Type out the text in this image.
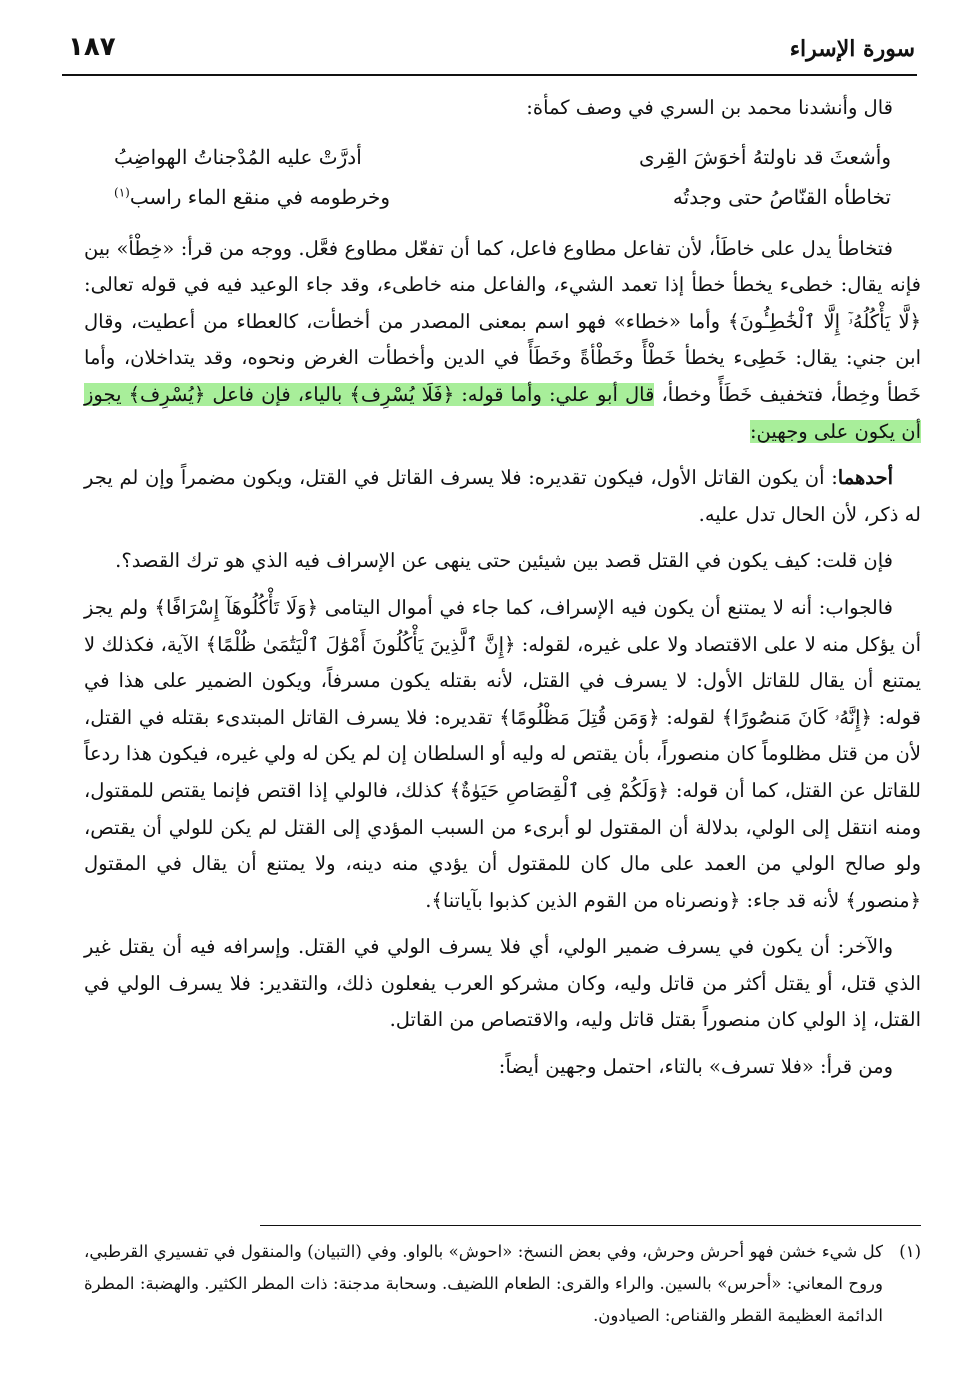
١٨٧	سورة الإسراء

قال وأنشدنا محمد بن السري في وصف كمأة:

وأشعثَ قد ناولتهُ أخوَشَ القِرى
أدرَّتْ عليه المُدْجناتُ الهواضِبُ
تخاطأه القنّاصُ حتى وجدتُه
وخرطومه في منقع الماء راسب$^{(١)}$

فتخاطأ يدل على خاطَأ، لأن تفاعل مطاوع فاعل، كما أن تفعّل مطاوع فعَّل. ووجه من قرأ: «خِطْأ» بين فإنه يقال: خطىء يخطأ خطأ إذا تعمد الشيء، والفاعل منه خاطىء، وقد جاء الوعيد فيه في قوله تعالى: ﴿لَّا يَأْكُلُهُۥٓ إِلَّا ٱلْخَٰطِـُٔونَ﴾ وأما «خطاء» فهو اسم بمعنى المصدر من أخطأت، كالعطاء من أعطيت، وقال ابن جني: يقال: خَطِىء يخطأ خَطْأً وخَطْأةً وخَطَأً في الدين وأخطأت الغرض ونحوه، وقد يتداخلان، وأما خَطأ وخِطأ، فتخفيف خَطَأً وخطأ، قال أبو علي: وأما قوله: ﴿فَلَا يُسْرِف﴾ بالياء، فإن فاعل ﴿يُسْرِف﴾ يجوز أن يكون على وجهين:

أحدهما: أن يكون القاتل الأول، فيكون تقديره: فلا يسرف القاتل في القتل، ويكون مضمراً وإن لم يجر له ذكر، لأن الحال تدل عليه.

فإن قلت: كيف يكون في القتل قصد بين شيئين حتى ينهى عن الإسراف فيه الذي هو ترك القصد؟.

فالجواب: أنه لا يمتنع أن يكون فيه الإسراف، كما جاء في أموال اليتامى ﴿وَلَا تَأْكُلُوهَآ إِسْرَافًا﴾ ولم يجز أن يؤكل منه لا على الاقتصاد ولا على غيره، لقوله: ﴿إِنَّ ٱلَّذِينَ يَأْكُلُونَ أَمْوَٰلَ ٱلْيَتَٰمَىٰ ظُلْمًا﴾ الآية، فكذلك لا يمتنع أن يقال للقاتل الأول: لا يسرف في القتل، لأنه بقتله يكون مسرفاً، ويكون الضمير على هذا في قوله: ﴿إِنَّهُۥ كَانَ مَنصُورًا﴾ لقوله: ﴿وَمَن قُتِلَ مَظْلُومًا﴾ تقديره: فلا يسرف القاتل المبتدىء بقتله في القتل، لأن من قتل مظلوماً كان منصوراً، بأن يقتص له وليه أو السلطان إن لم يكن له ولي غيره، فيكون هذا ردعاً للقاتل عن القتل، كما أن قوله: ﴿وَلَكُمْ فِى ٱلْقِصَاصِ حَيَوٰةٌ﴾ كذلك، فالولي إذا اقتص فإنما يقتص للمقتول، ومنه انتقل إلى الولي، بدلالة أن المقتول لو أبرىء من السبب المؤدي إلى القتل لم يكن للولي أن يقتص، ولو صالح الولي من العمد على مال كان للمقتول أن يؤدي منه دينه، ولا يمتنع أن يقال في المقتول ﴿منصور﴾ لأنه قد جاء: ﴿ونصرناه من القوم الذين كذبوا بآياتنا﴾.

والآخر: أن يكون في يسرف ضمير الولي، أي فلا يسرف الولي في القتل. وإسرافه فيه أن يقتل غير الذي قتل، أو يقتل أكثر من قاتل وليه، وكان مشركو العرب يفعلون ذلك، والتقدير: فلا يسرف الولي في القتل، إذ الولي كان منصوراً بقتل قاتل وليه، والاقتصاص من القاتل.

ومن قرأ: «فلا تسرف» بالتاء، احتمل وجهين أيضاً:

(١)
كل شيء خشن فهو أحرش وحرش، وفي بعض النسخ: «احوش» بالواو. وفي (التبيان) والمنقول في تفسيري القرطبي، وروح المعاني: «أحرس» بالسين. والراء والقرى: الطعام اللضيف. وسحابة مدجنة: ذات المطر الكثير. والهضبة: المطرة الدائمة العظيمة القطر والقناص: الصيادون.
